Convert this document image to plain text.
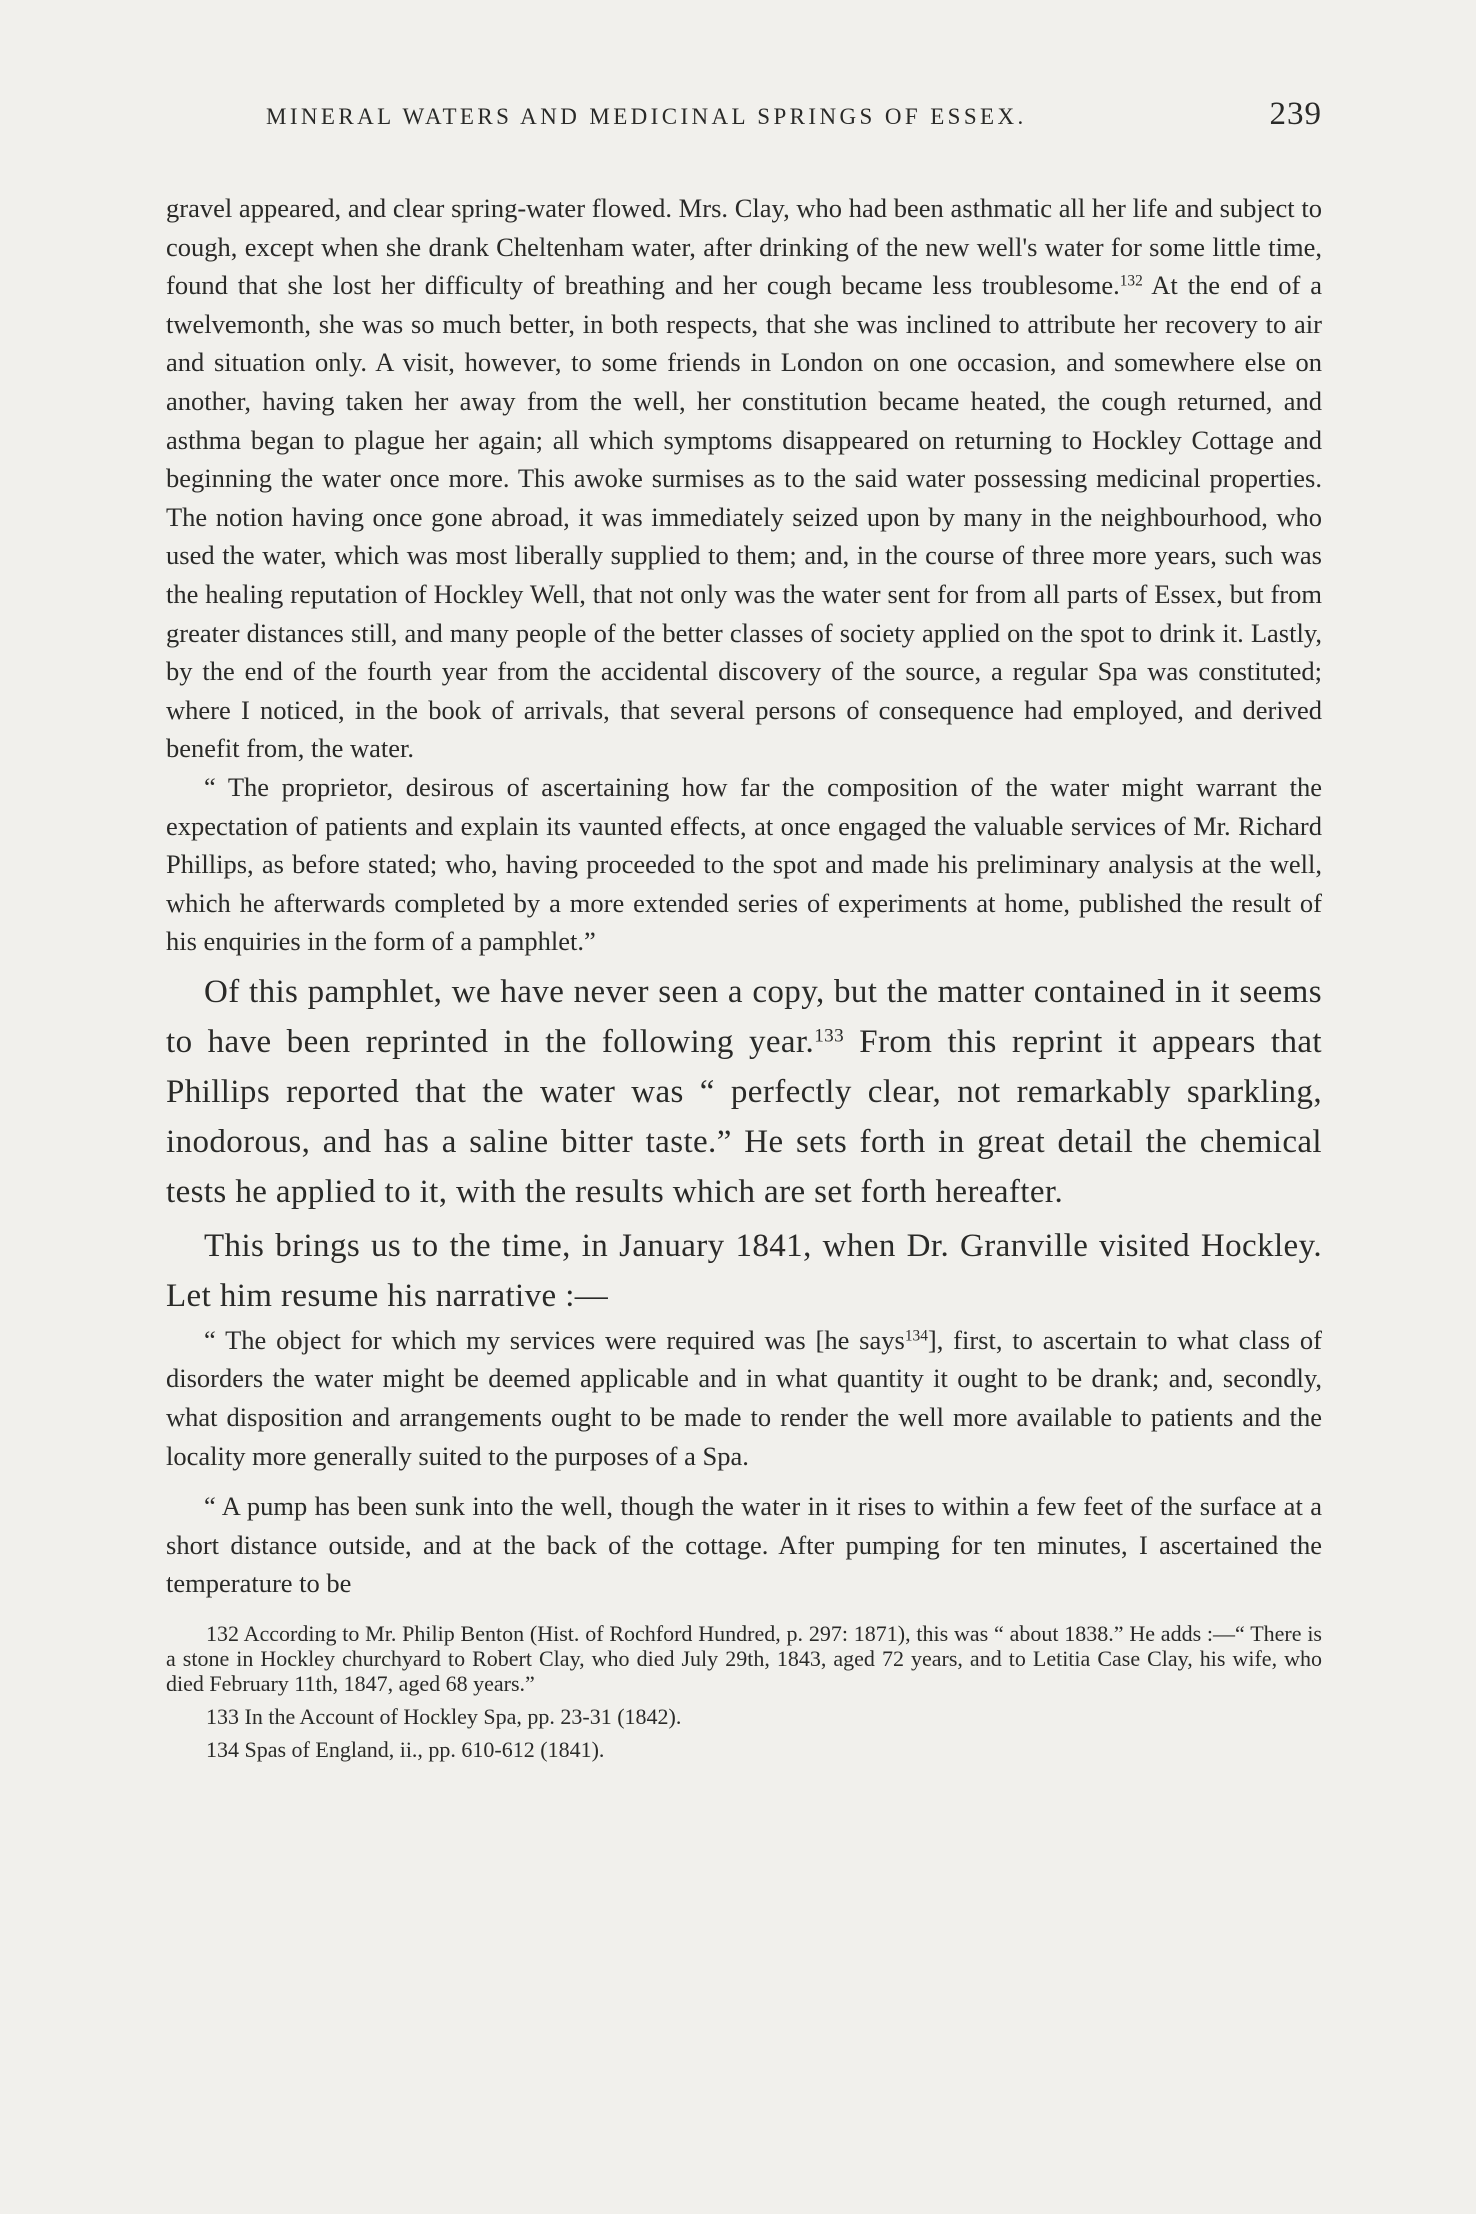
MINERAL WATERS AND MEDICINAL SPRINGS OF ESSEX.	239

gravel appeared, and clear spring-water flowed. Mrs. Clay, who had been asthmatic all her life and subject to cough, except when she drank Cheltenham water, after drinking of the new well's water for some little time, found that she lost her difficulty of breathing and her cough became less troublesome.$^{132}$ At the end of a twelvemonth, she was so much better, in both respects, that she was inclined to attribute her recovery to air and situation only. A visit, however, to some friends in London on one occasion, and somewhere else on another, having taken her away from the well, her constitution became heated, the cough returned, and asthma began to plague her again; all which symptoms disappeared on returning to Hockley Cottage and beginning the water once more. This awoke surmises as to the said water possessing medicinal properties. The notion having once gone abroad, it was immediately seized upon by many in the neighbourhood, who used the water, which was most liberally supplied to them; and, in the course of three more years, such was the healing reputation of Hockley Well, that not only was the water sent for from all parts of Essex, but from greater distances still, and many people of the better classes of society applied on the spot to drink it. Lastly, by the end of the fourth year from the accidental discovery of the source, a regular Spa was constituted; where I noticed, in the book of arrivals, that several persons of consequence had employed, and derived benefit from, the water.

“ The proprietor, desirous of ascertaining how far the composition of the water might warrant the expectation of patients and explain its vaunted effects, at once engaged the valuable services of Mr. Richard Phillips, as before stated; who, having proceeded to the spot and made his preliminary analysis at the well, which he afterwards completed by a more extended series of experiments at home, published the result of his enquiries in the form of a pamphlet.”

Of this pamphlet, we have never seen a copy, but the matter contained in it seems to have been reprinted in the following year.$^{133}$ From this reprint it appears that Phillips reported that the water was “ perfectly clear, not remarkably sparkling, inodorous, and has a saline bitter taste.” He sets forth in great detail the chemical tests he applied to it, with the results which are set forth hereafter.

This brings us to the time, in January 1841, when Dr. Granville visited Hockley. Let him resume his narrative :—

“ The object for which my services were required was [he says$^{134}$], first, to ascertain to what class of disorders the water might be deemed applicable and in what quantity it ought to be drank; and, secondly, what disposition and arrangements ought to be made to render the well more available to patients and the locality more generally suited to the purposes of a Spa.

“ A pump has been sunk into the well, though the water in it rises to within a few feet of the surface at a short distance outside, and at the back of the cottage. After pumping for ten minutes, I ascertained the temperature to be

132 According to Mr. Philip Benton (Hist. of Rochford Hundred, p. 297: 1871), this was “ about 1838.” He adds :—“ There is a stone in Hockley churchyard to Robert Clay, who died July 29th, 1843, aged 72 years, and to Letitia Case Clay, his wife, who died February 11th, 1847, aged 68 years.”

133 In the Account of Hockley Spa, pp. 23-31 (1842).

134 Spas of England, ii., pp. 610-612 (1841).
